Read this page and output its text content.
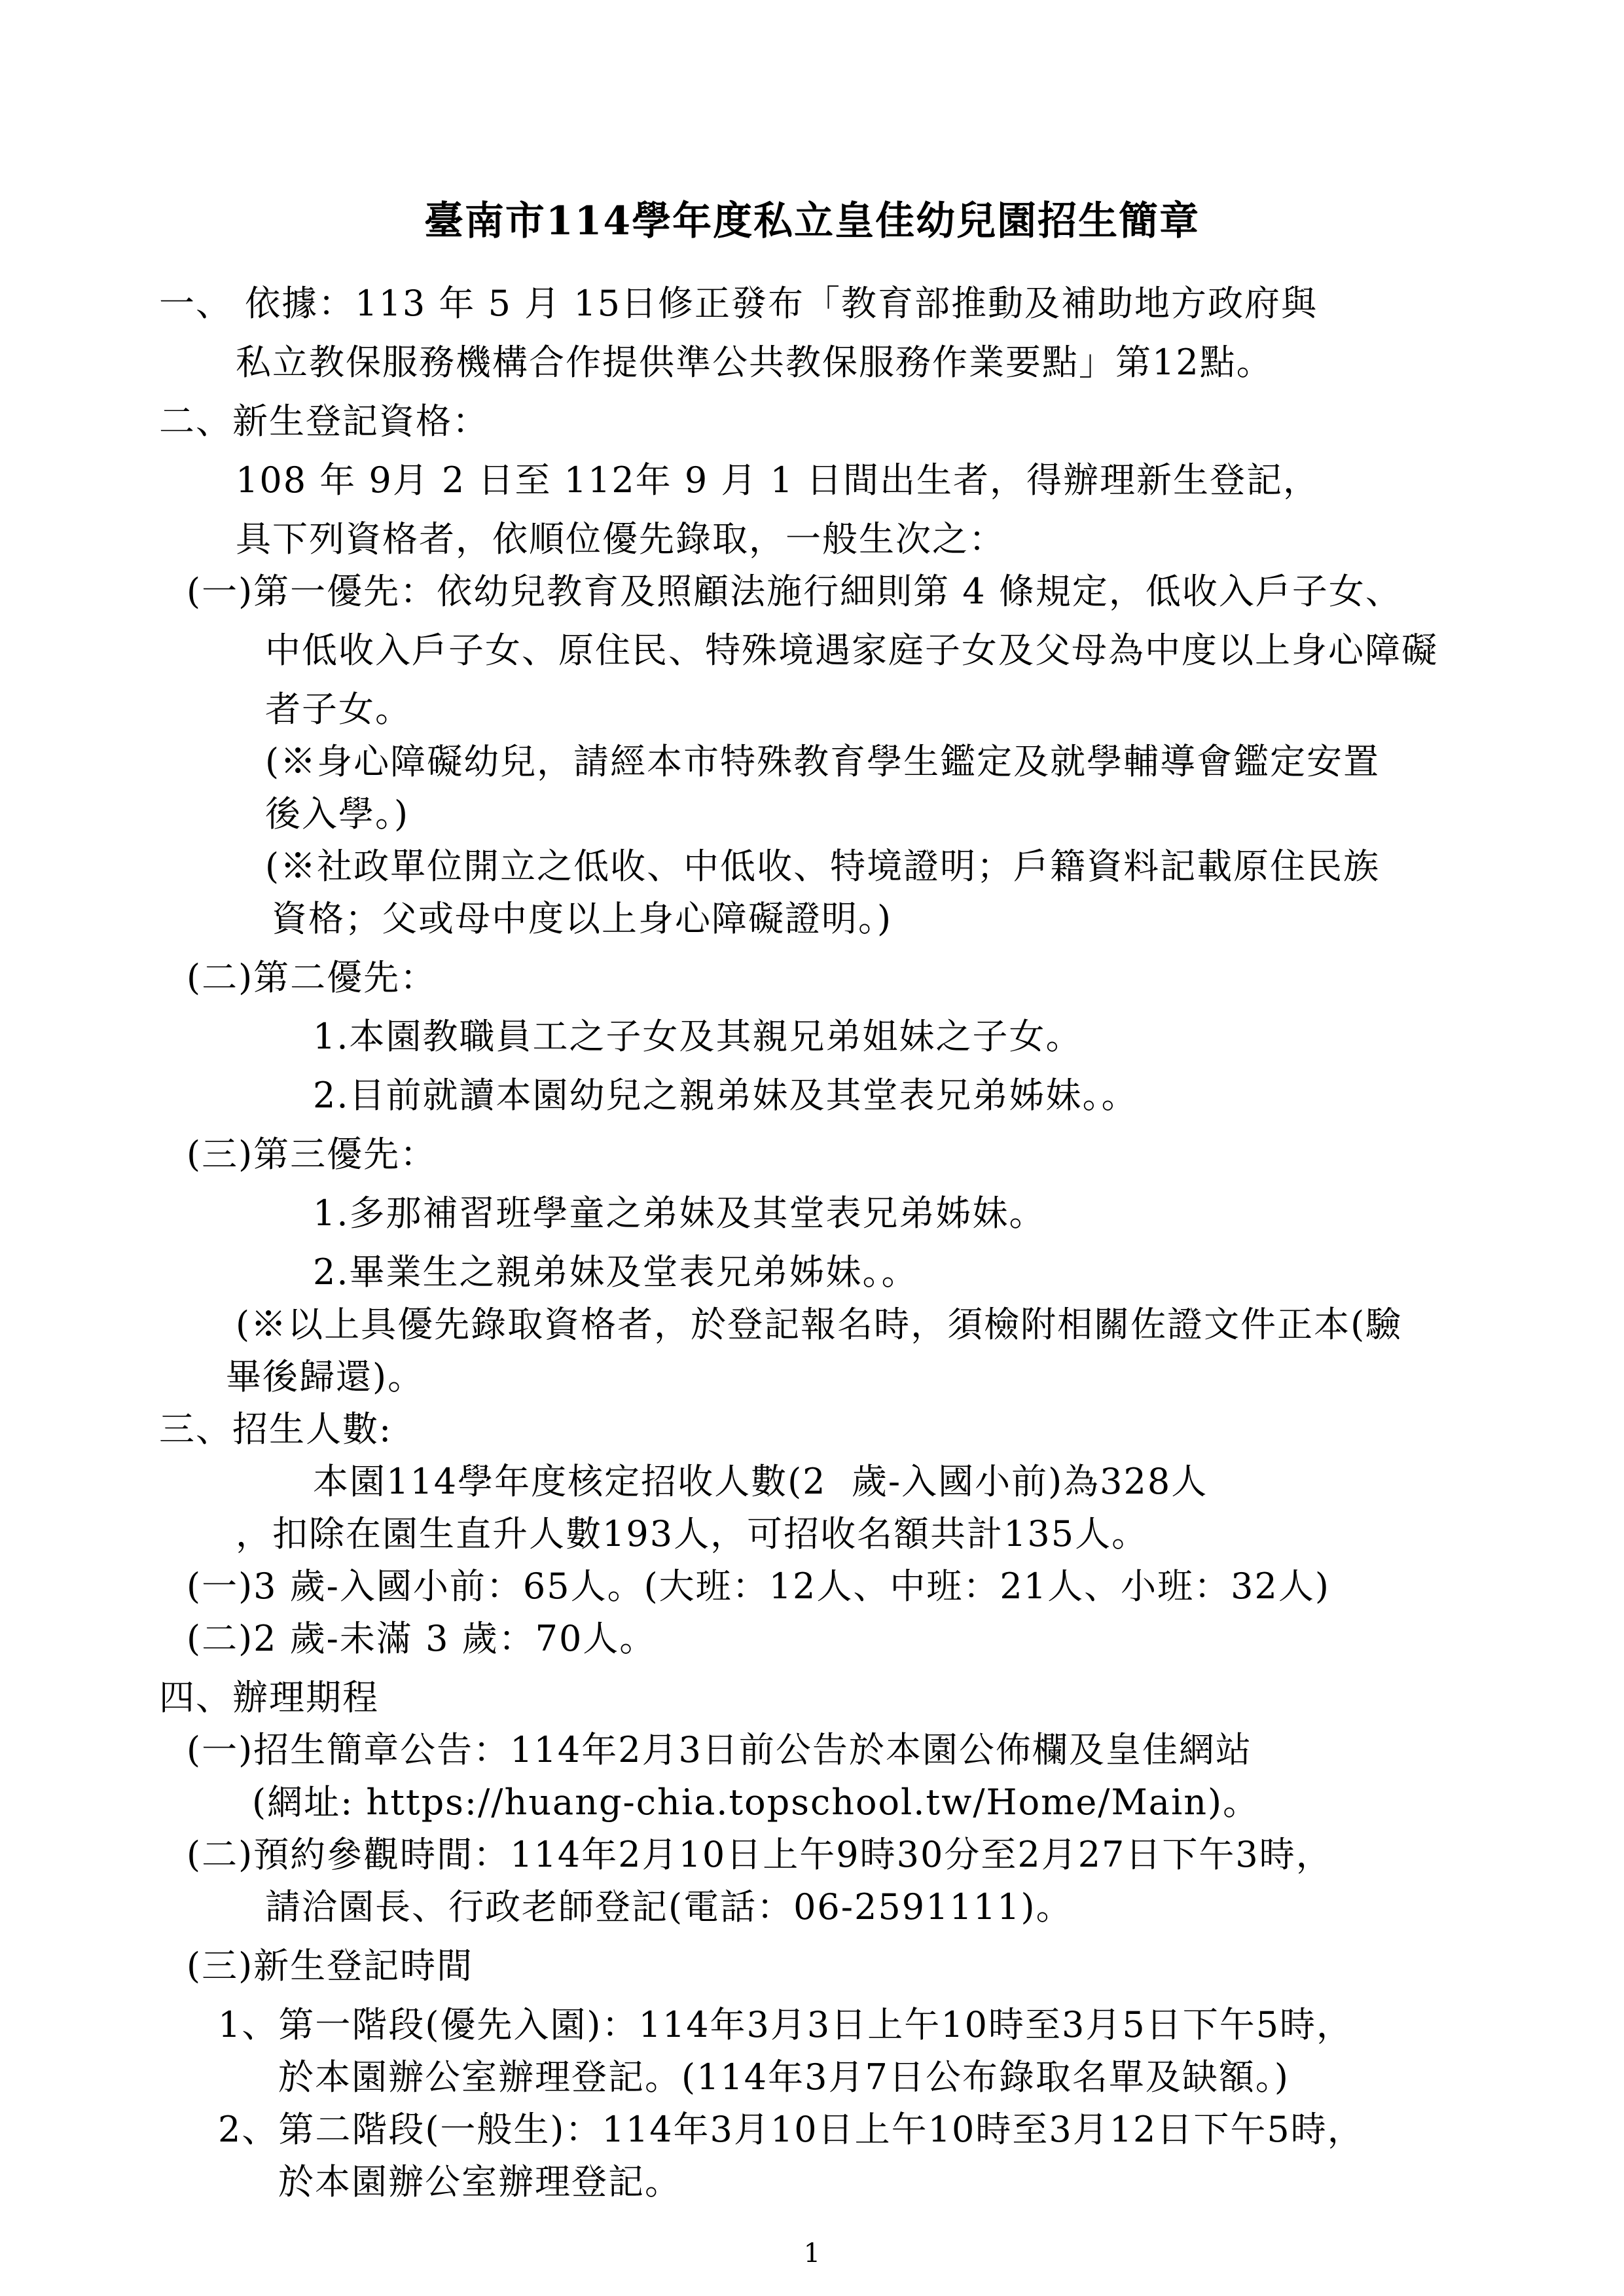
臺南市114學年度私立皇佳幼兒園招生簡章
一、 依據：113 年 5 月 15日修正發布「教育部推動及補助地方政府與
私立教保服務機構合作提供準公共教保服務作業要點」第12點。
二、新生登記資格：
108 年 9月 2 日至 112年 9 月 1 日間出生者，得辦理新生登記，
具下列資格者，依順位優先錄取，一般生次之：
(一)第一優先：依幼兒教育及照顧法施行細則第 4 條規定，低收入戶子女、
中低收入戶子女、原住民、特殊境遇家庭子女及父母為中度以上身心障礙
者子女。
(※身心障礙幼兒，請經本市特殊教育學生鑑定及就學輔導會鑑定安置
後入學。)
(※社政單位開立之低收、中低收、特境證明；戶籍資料記載原住民族
資格；父或母中度以上身心障礙證明。)
(二)第二優先：
1.本園教職員工之子女及其親兄弟姐妹之子女。
2.目前就讀本園幼兒之親弟妹及其堂表兄弟姊妹。。
(三)第三優先：
1.多那補習班學童之弟妹及其堂表兄弟姊妹。
2.畢業生之親弟妹及堂表兄弟姊妹。。
(※以上具優先錄取資格者，於登記報名時，須檢附相關佐證文件正本(驗
畢後歸還)。
三、招生人數:
本園114學年度核定招收人數(2  歲-入國小前)為328人
，扣除在園生直升人數193人，可招收名額共計135人。
(一)3 歲-入國小前：65人。(大班：12人、中班：21人、小班：32人)
(二)2 歲-未滿 3 歲：70人。
四、辦理期程
(一)招生簡章公告：114年2月3日前公告於本園公佈欄及皇佳網站
(網址: https://huang-chia.topschool.tw/Home/Main)。
(二)預約參觀時間：114年2月10日上午9時30分至2月27日下午3時，
請洽園長、行政老師登記(電話：06-2591111)。
(三)新生登記時間
1、第一階段(優先入園)：114年3月3日上午10時至3月5日下午5時，
於本園辦公室辦理登記。(114年3月7日公布錄取名單及缺額。)
2、第二階段(一般生)：114年3月10日上午10時至3月12日下午5時，
於本園辦公室辦理登記。
1
